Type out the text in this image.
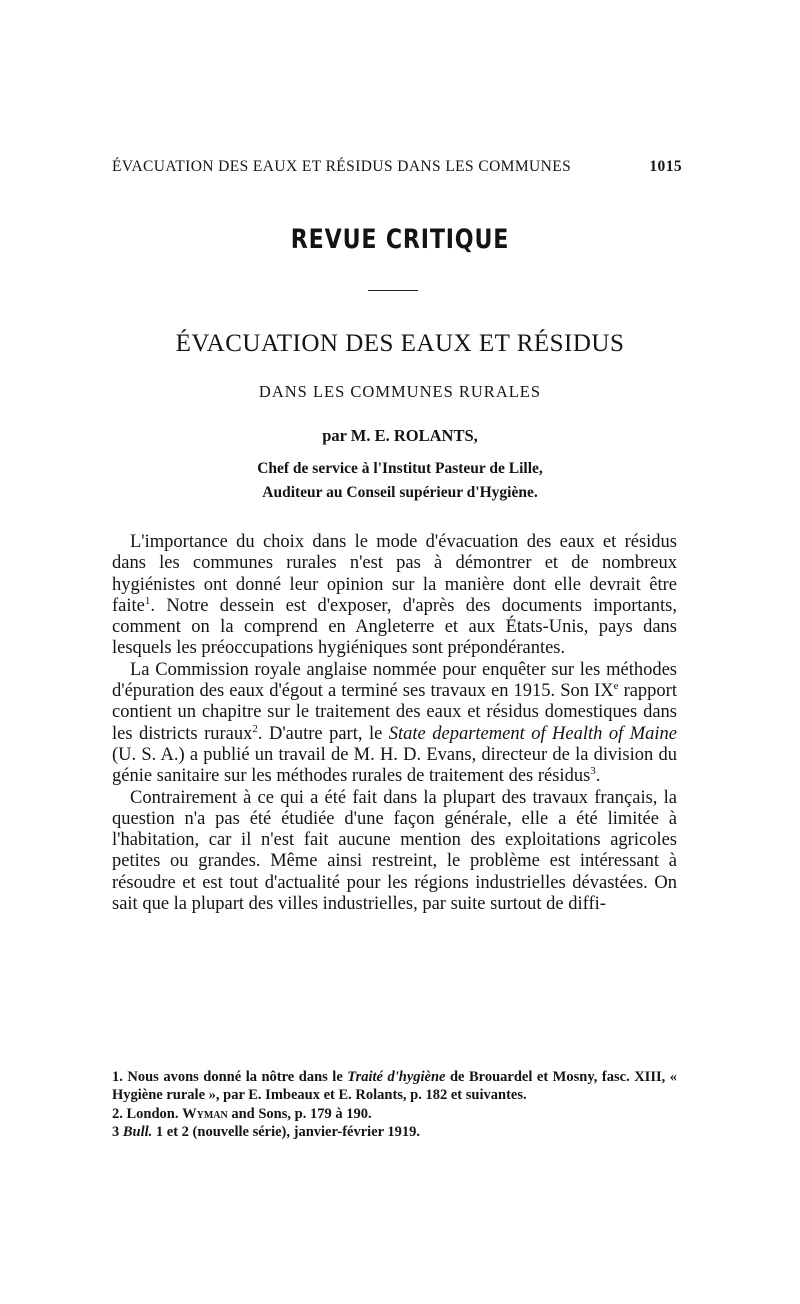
ÉVACUATION DES EAUX ET RÉSIDUS DANS LES COMMUNES	1015
REVUE CRITIQUE
ÉVACUATION DES EAUX ET RÉSIDUS
DANS LES COMMUNES RURALES
par M. E. ROLANTS,
Chef de service à l'Institut Pasteur de Lille,
Auditeur au Conseil supérieur d'Hygiène.

L'importance du choix dans le mode d'évacuation des eaux et résidus dans les communes rurales n'est pas à démontrer et de nombreux hygiénistes ont donné leur opinion sur la manière dont elle devrait être faite$^1$. Notre dessein est d'exposer, d'après des documents importants, comment on la comprend en Angleterre et aux États-Unis, pays dans lesquels les préoccupations hygiéniques sont prépondérantes.

La Commission royale anglaise nommée pour enquêter sur les méthodes d'épuration des eaux d'égout a terminé ses travaux en 1915. Son IXe rapport contient un chapitre sur le traitement des eaux et résidus domestiques dans les districts ruraux$^2$. D'autre part, le State departement of Health of Maine (U. S. A.) a publié un travail de M. H. D. Evans, directeur de la division du génie sanitaire sur les méthodes rurales de traitement des résidus$^3$.

Contrairement à ce qui a été fait dans la plupart des travaux français, la question n'a pas été étudiée d'une façon générale, elle a été limitée à l'habitation, car il n'est fait aucune mention des exploitations agricoles petites ou grandes. Même ainsi restreint, le problème est intéressant à résoudre et est tout d'actualité pour les régions industrielles dévastées. On sait que la plupart des villes industrielles, par suite surtout de diffi-

1. Nous avons donné la nôtre dans le Traité d'hygiène de Brouardel et Mosny, fasc. XIII, « Hygiène rurale », par E. Imbeaux et E. Rolants, p. 182 et suivantes.

2. London. Wyman and Sons, p. 179 à 190.

3 Bull. 1 et 2 (nouvelle série), janvier-février 1919.
